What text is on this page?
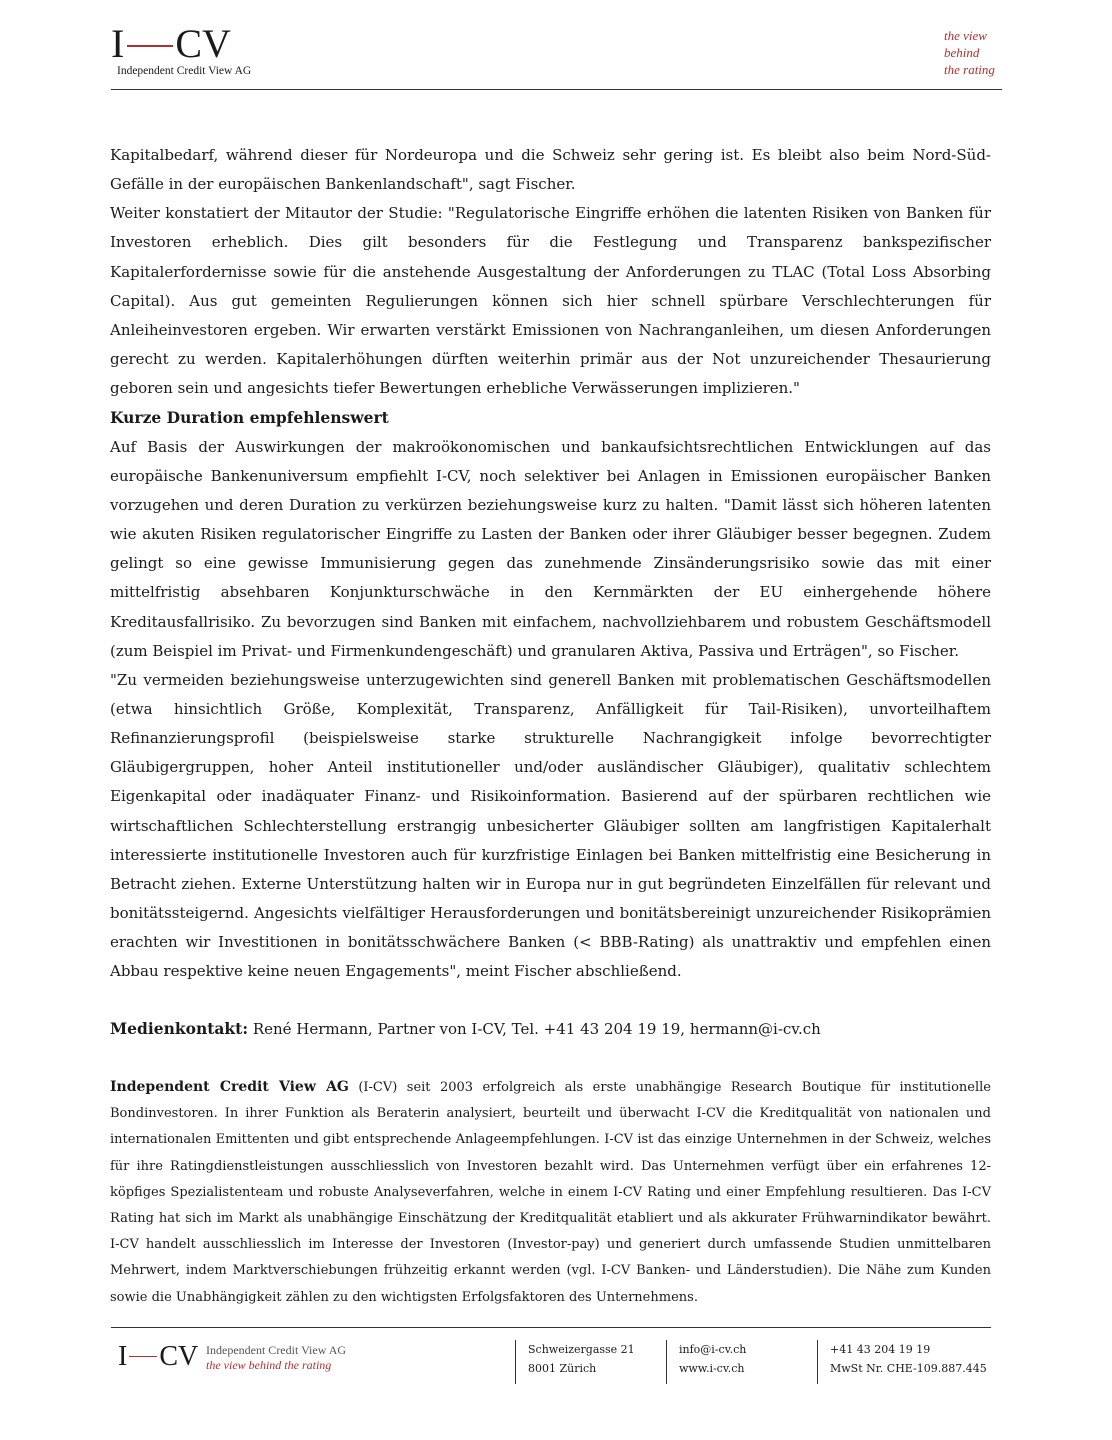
I CV
Independent Credit View AG
the view
behind
the rating

Kapitalbedarf, während dieser für Nordeuropa und die Schweiz sehr gering ist. Es bleibt also beim Nord-Süd-Gefälle in der europäischen Bankenlandschaft", sagt Fischer.

Weiter konstatiert der Mitautor der Studie: "Regulatorische Eingriffe erhöhen die latenten Risiken von Banken für Investoren erheblich. Dies gilt besonders für die Festlegung und Transparenz bankspezifischer Kapitalerfordernisse sowie für die anstehende Ausgestaltung der Anforderungen zu TLAC (Total Loss Absorbing Capital). Aus gut gemeinten Regulierungen können sich hier schnell spürbare Verschlechterungen für Anleiheinvestoren ergeben. Wir erwarten verstärkt Emissionen von Nachranganleihen, um diesen Anforderungen gerecht zu werden. Kapitalerhöhungen dürften weiterhin primär aus der Not unzureichender Thesaurierung geboren sein und angesichts tiefer Bewertungen erhebliche Verwässerungen implizieren."

Kurze Duration empfehlenswert

Auf Basis der Auswirkungen der makroökonomischen und bankaufsichtsrechtlichen Entwicklungen auf das europäische Bankenuniversum empfiehlt I-CV, noch selektiver bei Anlagen in Emissionen europäischer Banken vorzugehen und deren Duration zu verkürzen beziehungsweise kurz zu halten. "Damit lässt sich höheren latenten wie akuten Risiken regulatorischer Eingriffe zu Lasten der Banken oder ihrer Gläubiger besser begegnen. Zudem gelingt so eine gewisse Immunisierung gegen das zunehmende Zinsänderungsrisiko sowie das mit einer mittelfristig absehbaren Konjunkturschwäche in den Kernmärkten der EU einhergehende höhere Kreditausfallrisiko. Zu bevorzugen sind Banken mit einfachem, nachvollziehbarem und robustem Geschäftsmodell (zum Beispiel im Privat- und Firmenkundengeschäft) und granularen Aktiva, Passiva und Erträgen", so Fischer.

"Zu vermeiden beziehungsweise unterzugewichten sind generell Banken mit problematischen Geschäftsmodellen (etwa hinsichtlich Größe, Komplexität, Transparenz, Anfälligkeit für Tail-Risiken), unvorteilhaftem Refinanzierungsprofil (beispielsweise starke strukturelle Nachrangigkeit infolge bevorrechtigter Gläubigergruppen, hoher Anteil institutioneller und/oder ausländischer Gläubiger), qualitativ schlechtem Eigenkapital oder inadäquater Finanz- und Risikoinformation. Basierend auf der spürbaren rechtlichen wie wirtschaftlichen Schlechterstellung erstrangig unbesicherter Gläubiger sollten am langfristigen Kapitalerhalt interessierte institutionelle Investoren auch für kurzfristige Einlagen bei Banken mittelfristig eine Besicherung in Betracht ziehen. Externe Unterstützung halten wir in Europa nur in gut begründeten Einzelfällen für relevant und bonitätssteigernd. Angesichts vielfältiger Herausforderungen und bonitätsbereinigt unzureichender Risikoprämien erachten wir Investitionen in bonitätsschwächere Banken (< BBB-Rating) als unattraktiv und empfehlen einen Abbau respektive keine neuen Engagements", meint Fischer abschließend.

Medienkontakt: René Hermann, Partner von I-CV, Tel. +41 43 204 19 19, hermann@i-cv.ch
Independent Credit View AG (I-CV) seit 2003 erfolgreich als erste unabhängige Research Boutique für institutionelle Bondinvestoren. In ihrer Funktion als Beraterin analysiert, beurteilt und überwacht I-CV die Kreditqualität von nationalen und internationalen Emittenten und gibt entsprechende Anlageempfehlungen. I-CV ist das einzige Unternehmen in der Schweiz, welches für ihre Ratingdienstleistungen ausschliesslich von Investoren bezahlt wird. Das Unternehmen verfügt über ein erfahrenes 12-köpfiges Spezialistenteam und robuste Analyseverfahren, welche in einem I-CV Rating und einer Empfehlung resultieren. Das I-CV Rating hat sich im Markt als unabhängige Einschätzung der Kreditqualität etabliert und als akkurater Frühwarnindikator bewährt. I-CV handelt ausschliesslich im Interesse der Investoren (Investor-pay) und generiert durch umfassende Studien unmittelbaren Mehrwert, indem Marktverschiebungen frühzeitig erkannt werden (vgl. I-CV Banken- und Länderstudien). Die Nähe zum Kunden sowie die Unabhängigkeit zählen zu den wichtigsten Erfolgsfaktoren des Unternehmens.
I CV Independent Credit View AG
the view behind the rating
Schweizergasse 21
8001 Zürich
info@i-cv.ch
www.i-cv.ch
+41 43 204 19 19
MwSt Nr. CHE-109.887.445
